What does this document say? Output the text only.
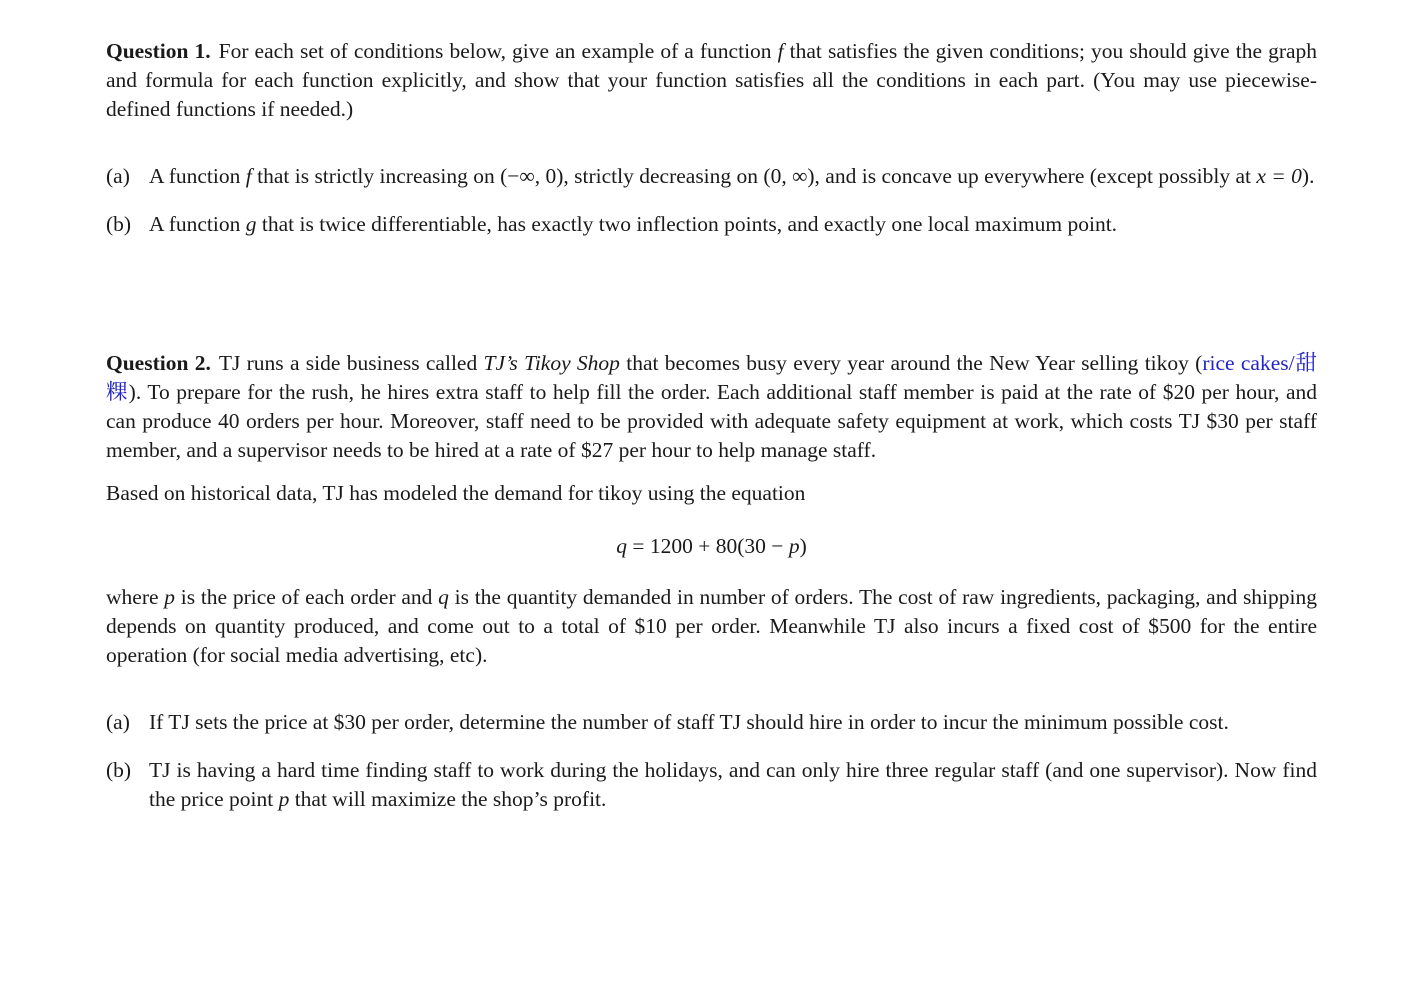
Question 1. For each set of conditions below, give an example of a function f that satisfies the given conditions; you should give the graph and formula for each function explicitly, and show that your function satisfies all the conditions in each part. (You may use piecewise-defined functions if needed.)

(a) A function f that is strictly increasing on (−∞, 0), strictly decreasing on (0, ∞), and is concave up everywhere (except possibly at x = 0).
(b) A function g that is twice differentiable, has exactly two inflection points, and exactly one local maximum point.

Question 2. TJ runs a side business called TJ’s Tikoy Shop that becomes busy every year around the New Year selling tikoy (rice cakes/甜粿). To prepare for the rush, he hires extra staff to help fill the order. Each additional staff member is paid at the rate of $20 per hour, and can produce 40 orders per hour. Moreover, staff need to be provided with adequate safety equipment at work, which costs TJ $30 per staff member, and a supervisor needs to be hired at a rate of $27 per hour to help manage staff.

Based on historical data, TJ has modeled the demand for tikoy using the equation

q = 1200 + 80(30 − p)

where p is the price of each order and q is the quantity demanded in number of orders. The cost of raw ingredients, packaging, and shipping depends on quantity produced, and come out to a total of $10 per order. Meanwhile TJ also incurs a fixed cost of $500 for the entire operation (for social media advertising, etc).

(a) If TJ sets the price at $30 per order, determine the number of staff TJ should hire in order to incur the minimum possible cost.
(b) TJ is having a hard time finding staff to work during the holidays, and can only hire three regular staff (and one supervisor). Now find the price point p that will maximize the shop’s profit.
